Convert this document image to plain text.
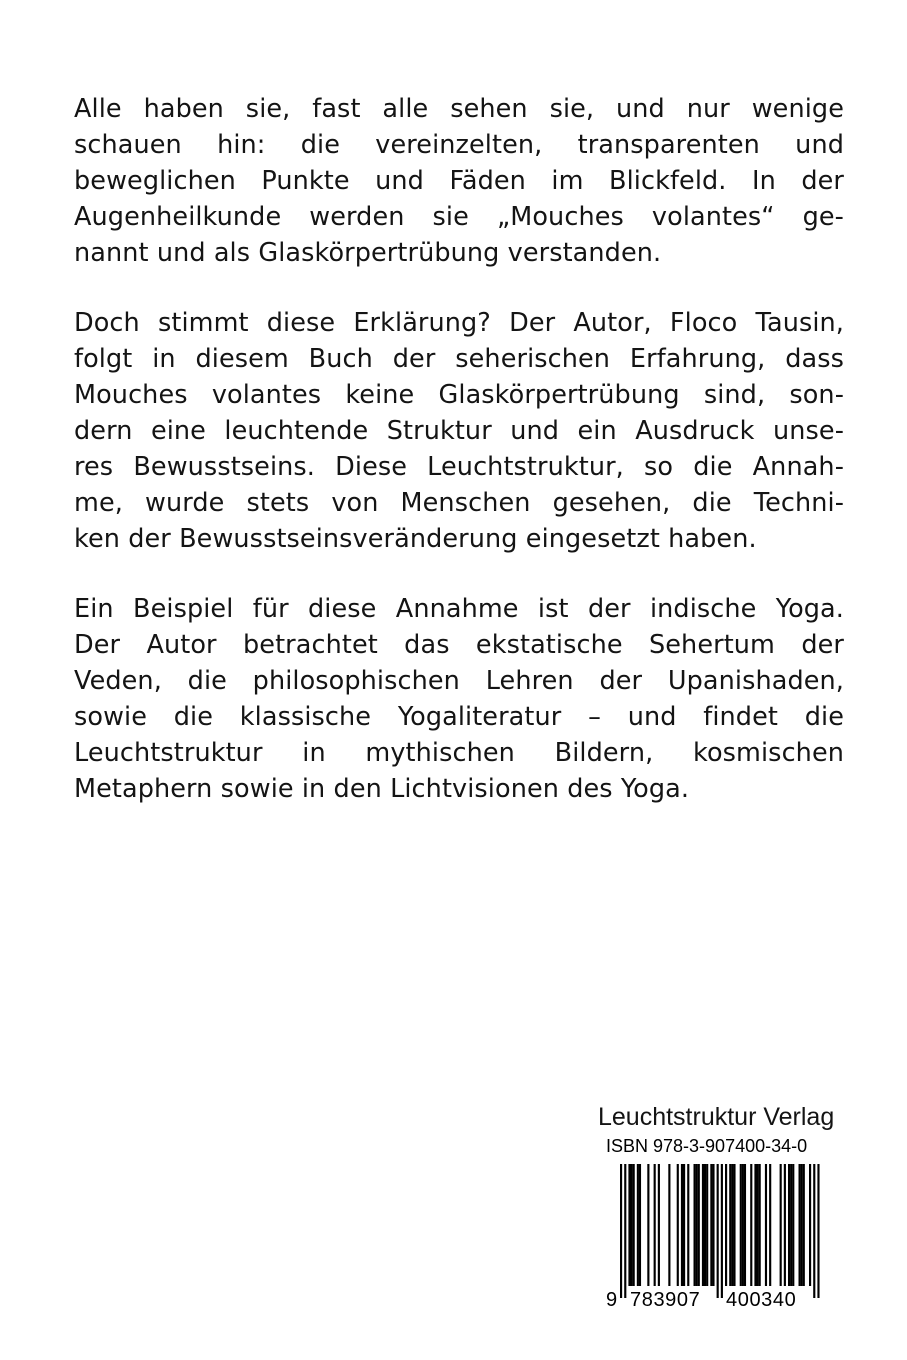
Alle haben sie, fast alle sehen sie, und nur wenige
schauen hin: die vereinzelten, transparenten und
beweglichen Punkte und Fäden im Blickfeld. In der
Augenheilkunde werden sie „Mouches volantes“ ge-
nannt und als Glaskörpertrübung verstanden.
Doch stimmt diese Erklärung? Der Autor, Floco Tausin,
folgt in diesem Buch der seherischen Erfahrung, dass
Mouches volantes keine Glaskörpertrübung sind, son-
dern eine leuchtende Struktur und ein Ausdruck unse-
res Bewusstseins. Diese Leuchtstruktur, so die Annah-
me, wurde stets von Menschen gesehen, die Techni-
ken der Bewusstseinsveränderung eingesetzt haben.
Ein Beispiel für diese Annahme ist der indische Yoga.
Der Autor betrachtet das ekstatische Sehertum der
Veden, die philosophischen Lehren der Upanishaden,
sowie die klassische Yogaliteratur – und findet die
Leuchtstruktur in mythischen Bildern, kosmischen
Metaphern sowie in den Lichtvisionen des Yoga.
Leuchtstruktur Verlag
ISBN 978-3-907400-34-0
9 783907 400340
